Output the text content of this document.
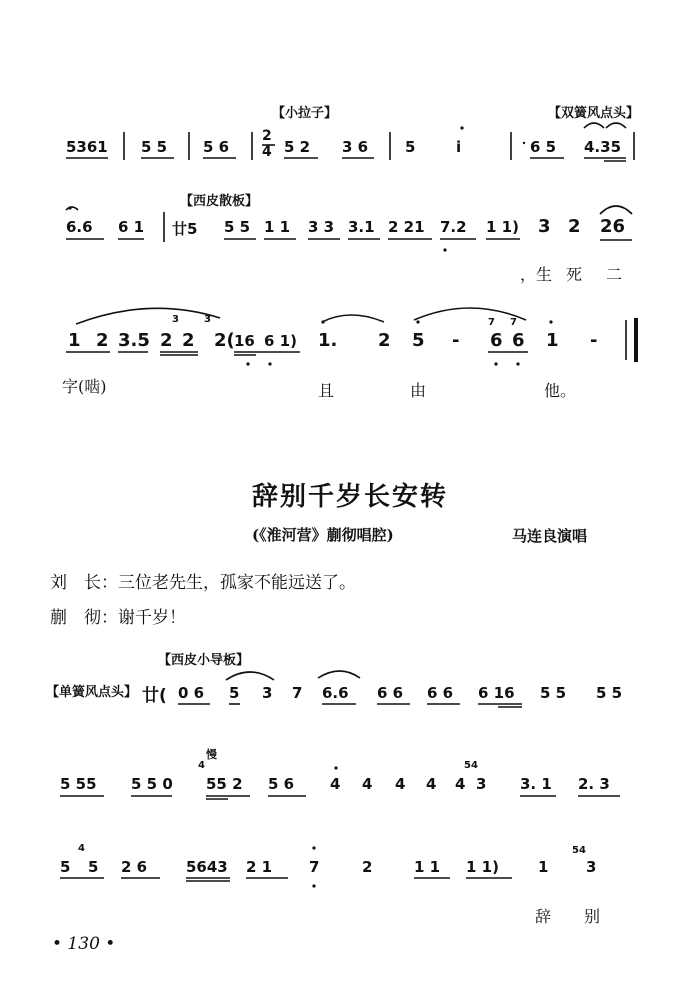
【小拉子】	【双簧风点头】
5361 5 5 5 6
2
4 5 2 3 6 5	i	6 5 4.35
【西皮散板】
6.6 6 1 廿5 5 5 1 1 3 3 3.1 2 21 7.2 1 1) 3 2 26
，生 死 二
1 2 3.5 2
3
2
3
2( 16 6 1) 1. 2 5 -
7
6
7
6 1 -
字(啮)	且	由	他。
辞别千岁长安转
(《淮河营》蒯彻唱腔)	马连良演唱
刘　长：三位老先生，孤家不能远送了。
蒯　彻：谢千岁！
【西皮小导板】
【单簧风点头】 廿( 0 6 5 3 7 6.6 6 6 6 6 6 16 5 5 5 5
慢
5 55 5 5 0
4
55 2 5 6 4 4 4 4 4
54
3 3. 1 2. 3
5
4
5 2 6	5643 2 1 7	2	1 1 1 1)	1
54
3
辞 别
• 130 •
